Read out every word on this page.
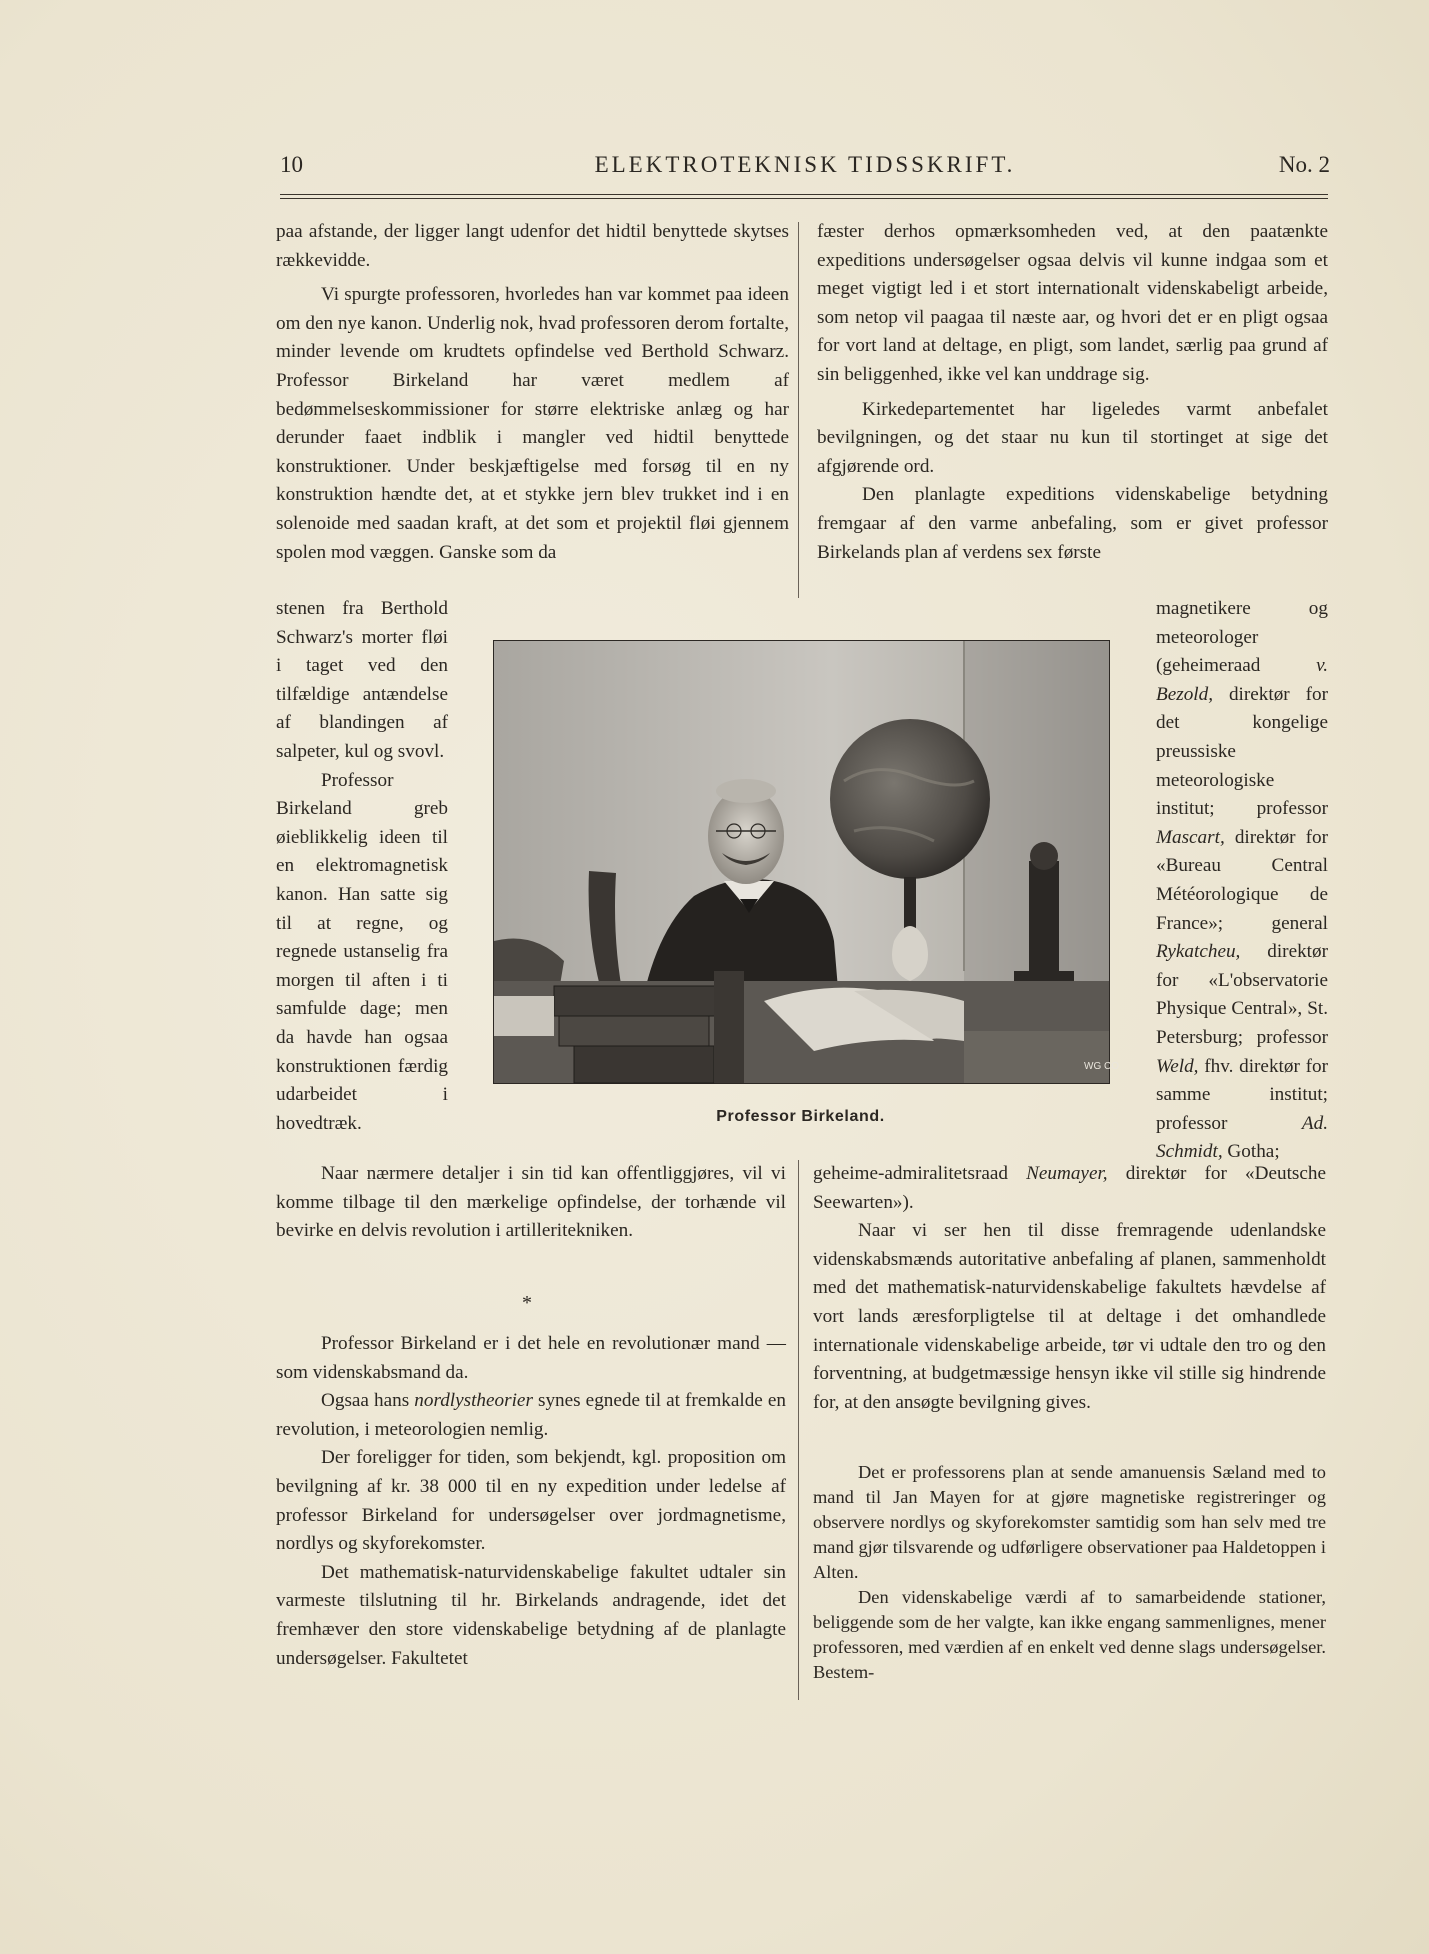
10	ELEKTROTEKNISK TIDSSKRIFT.	No. 2

paa afstande, der ligger langt udenfor det hidtil benyttede skytses rækkevidde.

Vi spurgte professoren, hvorledes han var kommet paa ideen om den nye kanon. Underlig nok, hvad professoren derom fortalte, minder levende om krudtets opfindelse ved Berthold Schwarz. Professor Birkeland har været medlem af bedømmelseskommissioner for større elektriske anlæg og har derunder faaet indblik i mangler ved hidtil benyttede konstruktioner. Under beskjæftigelse med forsøg til en ny konstruktion hændte det, at et stykke jern blev trukket ind i en solenoide med saadan kraft, at det som et projektil fløi gjennem spolen mod væggen. Ganske som da

stenen fra Berthold Schwarz's morter fløi i taget ved den tilfældige antændelse af blandingen af salpeter, kul og svovl.

Professor Birkeland greb øieblikkelig ideen til en elektromagnetisk kanon. Han satte sig til at regne, og regnede ustanselig fra morgen til aften i ti samfulde dage; men da havde han ogsaa konstruktionen færdig udarbeidet i hovedtræk.

WG CO
Professor Birkeland.

Naar nærmere detaljer i sin tid kan offentliggjøres, vil vi komme tilbage til den mærkelige opfindelse, der torhænde vil bevirke en delvis revolution i artilleritekniken.

*

Professor Birkeland er i det hele en revolutionær mand — som videnskabsmand da.

Ogsaa hans nordlystheorier synes egnede til at fremkalde en revolution, i meteorologien nemlig.

Der foreligger for tiden, som bekjendt, kgl. proposition om bevilgning af kr. 38 000 til en ny expedition under ledelse af professor Birkeland for undersøgelser over jordmagnetisme, nordlys og skyforekomster.

Det mathematisk-naturvidenskabelige fakultet udtaler sin varmeste tilslutning til hr. Birkelands andragende, idet det fremhæver den store videnskabelige betydning af de planlagte undersøgelser. Fakultetet

fæster derhos opmærksomheden ved, at den paatænkte expeditions undersøgelser ogsaa delvis vil kunne indgaa som et meget vigtigt led i et stort internationalt videnskabeligt arbeide, som netop vil paagaa til næste aar, og hvori det er en pligt ogsaa for vort land at deltage, en pligt, som landet, særlig paa grund af sin beliggenhed, ikke vel kan unddrage sig.

Kirkedepartementet har ligeledes varmt anbefalet bevilgningen, og det staar nu kun til stortinget at sige det afgjørende ord.

Den planlagte expeditions videnskabelige betydning fremgaar af den varme anbefaling, som er givet professor Birkelands plan af verdens sex første

magnetikere og meteorologer (geheimeraad	v. Bezold, direktør for det kongelige preussiske meteorologiske institut; professor Mascart, direktør for «Bureau Central Météorologique de France»; general Rykatcheu, direktør for «L'observatorie Physique Central», St. Petersburg; professor Weld, fhv. direktør for samme institut; professor	Ad. Schmidt, Gotha;

geheime-admiralitetsraad Neumayer, direktør for «Deutsche Seewarten»).

Naar vi ser hen til disse fremragende udenlandske videnskabsmænds autoritative anbefaling af planen, sammenholdt med det mathematisk-naturvidenskabelige fakultets hævdelse af vort lands æresforpligtelse til at deltage i det omhandlede internationale videnskabelige arbeide, tør vi udtale den tro og den forventning, at budgetmæssige hensyn ikke vil stille sig hindrende for, at den ansøgte bevilgning gives.

Det er professorens plan at sende amanuensis Sæland med to mand til Jan Mayen for at gjøre magnetiske registreringer og observere nordlys og skyforekomster samtidig som han selv med tre mand gjør tilsvarende og udførligere observationer paa Haldetoppen i Alten.

Den videnskabelige værdi af to samarbeidende stationer, beliggende som de her valgte, kan ikke engang sammenlignes, mener professoren, med værdien af en enkelt ved denne slags undersøgelser. Bestem-
